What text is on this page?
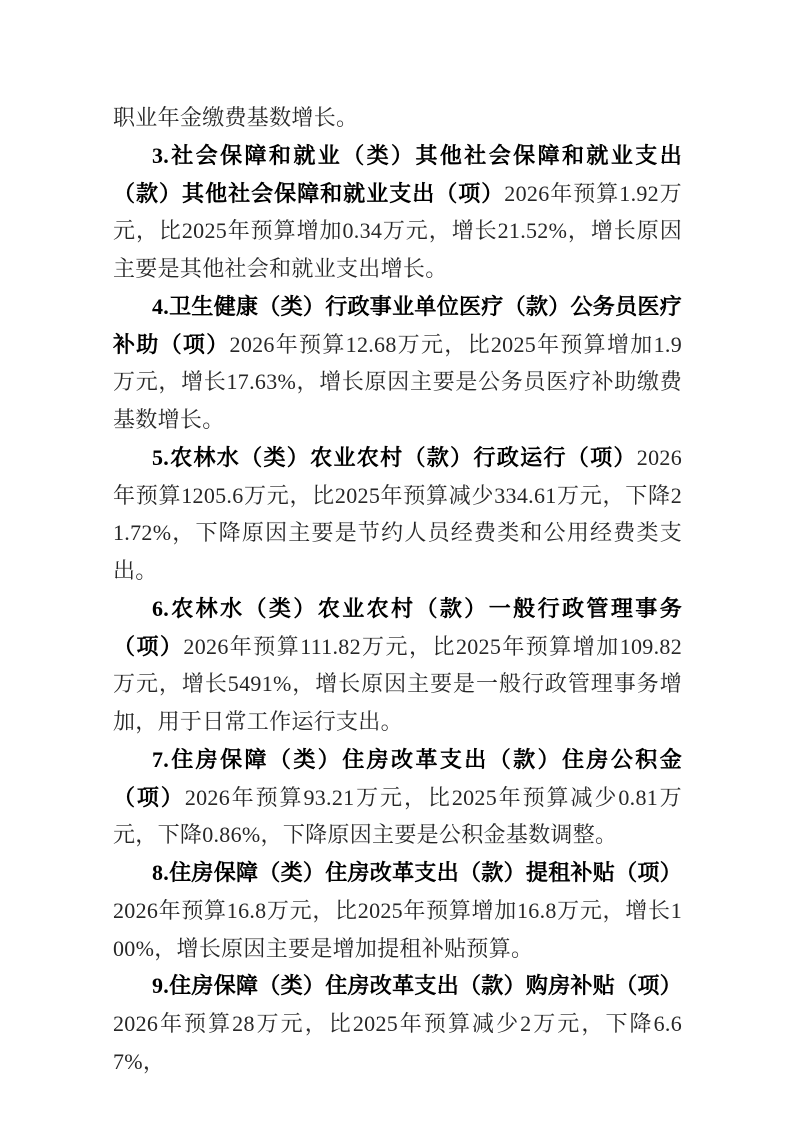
职业年金缴费基数增长。

3.社会保障和就业（类）其他社会保障和就业支出（款）其他社会保障和就业支出（项）2026年预算1.92万元，比2025年预算增加0.34万元，增长21.52%，增长原因主要是其他社会和就业支出增长。

4.卫生健康（类）行政事业单位医疗（款）公务员医疗补助（项）2026年预算12.68万元，比2025年预算增加1.9万元，增长17.63%，增长原因主要是公务员医疗补助缴费基数增长。

5.农林水（类）农业农村（款）行政运行（项）2026年预算1205.6万元，比2025年预算减少334.61万元，下降21.72%，下降原因主要是节约人员经费类和公用经费类支出。

6.农林水（类）农业农村（款）一般行政管理事务（项）2026年预算111.82万元，比2025年预算增加109.82万元，增长5491%，增长原因主要是一般行政管理事务增加，用于日常工作运行支出。

7.住房保障（类）住房改革支出（款）住房公积金（项）2026年预算93.21万元，比2025年预算减少0.81万元，下降0.86%，下降原因主要是公积金基数调整。

8.住房保障（类）住房改革支出（款）提租补贴（项）2026年预算16.8万元，比2025年预算增加16.8万元，增长100%，增长原因主要是增加提租补贴预算。

9.住房保障（类）住房改革支出（款）购房补贴（项）2026年预算28万元，比2025年预算减少2万元，下降6.67%，
